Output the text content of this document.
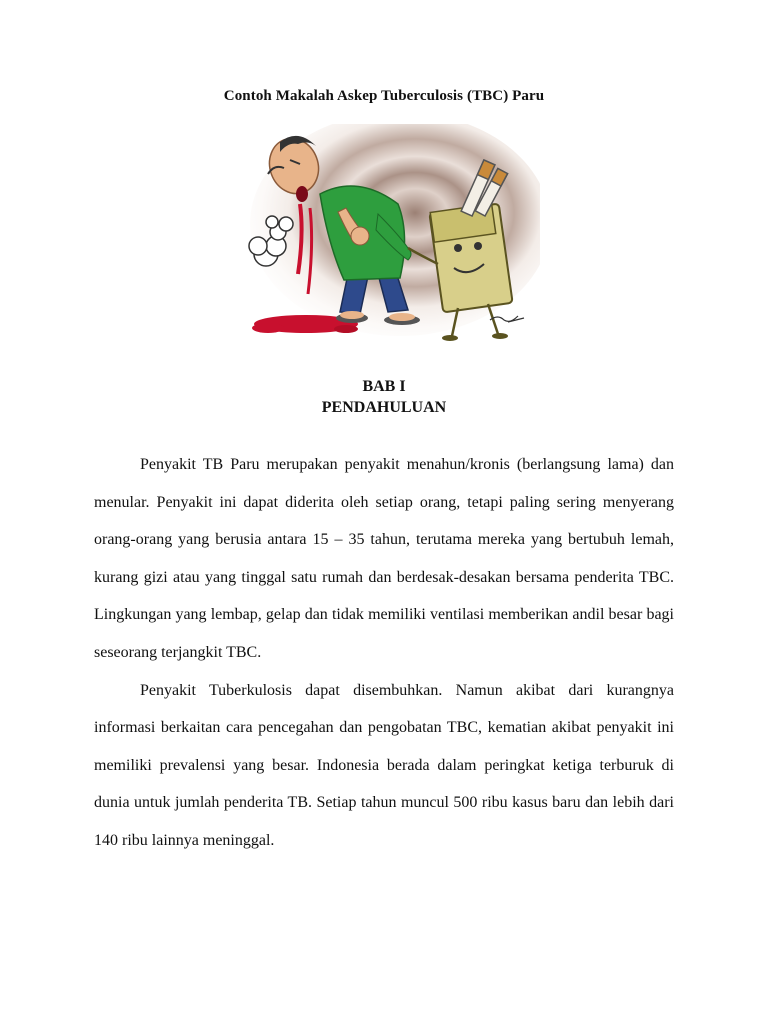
Contoh Makalah Askep Tuberculosis (TBC) Paru
BAB I
PENDAHULUAN

Penyakit TB Paru merupakan penyakit menahun/kronis (berlangsung lama) dan menular. Penyakit ini dapat diderita oleh setiap orang, tetapi paling sering menyerang orang-orang yang berusia antara 15 – 35 tahun, terutama mereka yang bertubuh lemah, kurang gizi atau yang tinggal satu rumah dan berdesak-desakan bersama penderita TBC. Lingkungan yang lembap, gelap dan tidak memiliki ventilasi memberikan andil besar bagi seseorang terjangkit TBC.

Penyakit Tuberkulosis dapat disembuhkan. Namun akibat dari kurangnya informasi berkaitan cara pencegahan dan pengobatan TBC, kematian akibat penyakit ini memiliki prevalensi yang besar. Indonesia berada dalam peringkat ketiga terburuk di dunia untuk jumlah penderita TB. Setiap tahun muncul 500 ribu kasus baru dan lebih dari 140 ribu lainnya meninggal.
